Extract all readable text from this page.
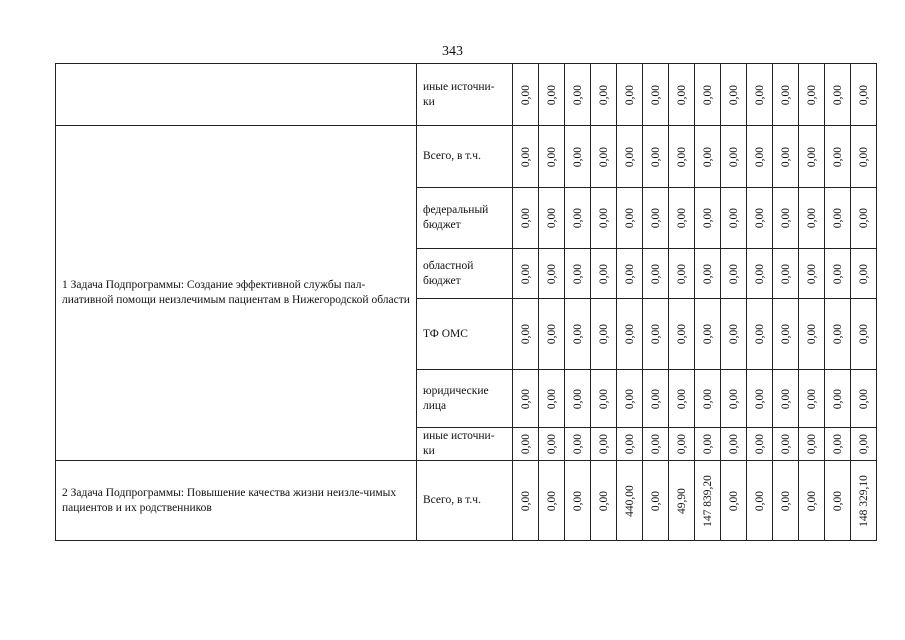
343
	иные источни-ки	0,00	0,00	0,00	0,00	0,00	0,00	0,00	0,00	0,00	0,00	0,00	0,00	0,00	0,00

1 Задача Подпрограммы: Создание эффективной службы пал-лиативной помощи неизлечимым пациентам в Нижегородской области	Всего, в т.ч.	0,00	0,00	0,00	0,00	0,00	0,00	0,00	0,00	0,00	0,00	0,00	0,00	0,00	0,00

	федеральный бюджет	0,00	0,00	0,00	0,00	0,00	0,00	0,00	0,00	0,00	0,00	0,00	0,00	0,00	0,00

	областной бюджет	0,00	0,00	0,00	0,00	0,00	0,00	0,00	0,00	0,00	0,00	0,00	0,00	0,00	0,00

	ТФ ОМС	0,00	0,00	0,00	0,00	0,00	0,00	0,00	0,00	0,00	0,00	0,00	0,00	0,00	0,00

	юридические лица	0,00	0,00	0,00	0,00	0,00	0,00	0,00	0,00	0,00	0,00	0,00	0,00	0,00	0,00

	иные источни-ки	0,00	0,00	0,00	0,00	0,00	0,00	0,00	0,00	0,00	0,00	0,00	0,00	0,00	0,00

2 Задача Подпрограммы: Повышение качества жизни неизле-чимых пациентов и их родственников	Всего, в т.ч.	0,00	0,00	0,00	0,00	440,00	0,00	49,90	147 839,20	0,00	0,00	0,00	0,00	0,00	148 329,10
